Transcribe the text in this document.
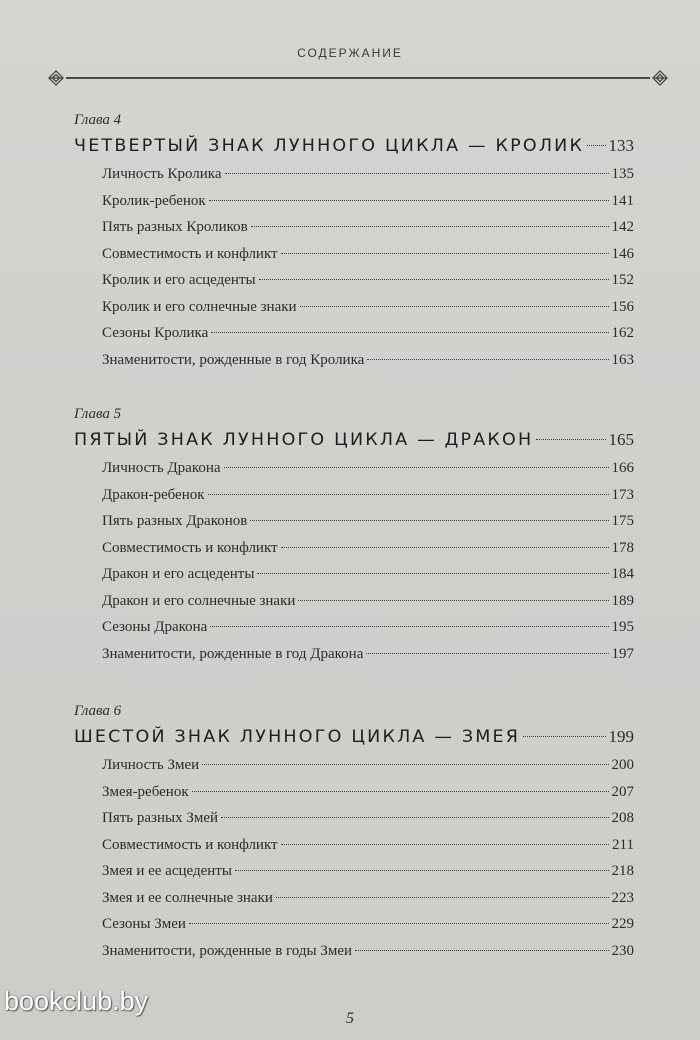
СОДЕРЖАНИЕ
Глава 4
ЧЕТВЕРТЫЙ ЗНАК ЛУННОГО ЦИКЛА — КРОЛИК 133
Личность Кролика	135
Кролик-ребенок	141
Пять разных Кроликов	142
Совместимость и конфликт	146
Кролик и его асцеденты	152
Кролик и его солнечные знаки	156
Сезоны Кролика	162
Знаменитости, рожденные в год Кролика	163
Глава 5
ПЯТЫЙ ЗНАК ЛУННОГО ЦИКЛА — ДРАКОН	165
Личность Дракона	166
Дракон-ребенок	173
Пять разных Драконов	175
Совместимость и конфликт	178
Дракон и его асцеденты	184
Дракон и его солнечные знаки	189
Сезоны Дракона	195
Знаменитости, рожденные в год Дракона	197
Глава 6
ШЕСТОЙ ЗНАК ЛУННОГО ЦИКЛА — ЗМЕЯ	199
Личность Змеи	200
Змея-ребенок	207
Пять разных Змей	208
Совместимость и конфликт	211
Змея и ее асцеденты	218
Змея и ее солнечные знаки	223
Сезоны Змеи	229
Знаменитости, рожденные в годы Змеи	230
bookclub.by
5
